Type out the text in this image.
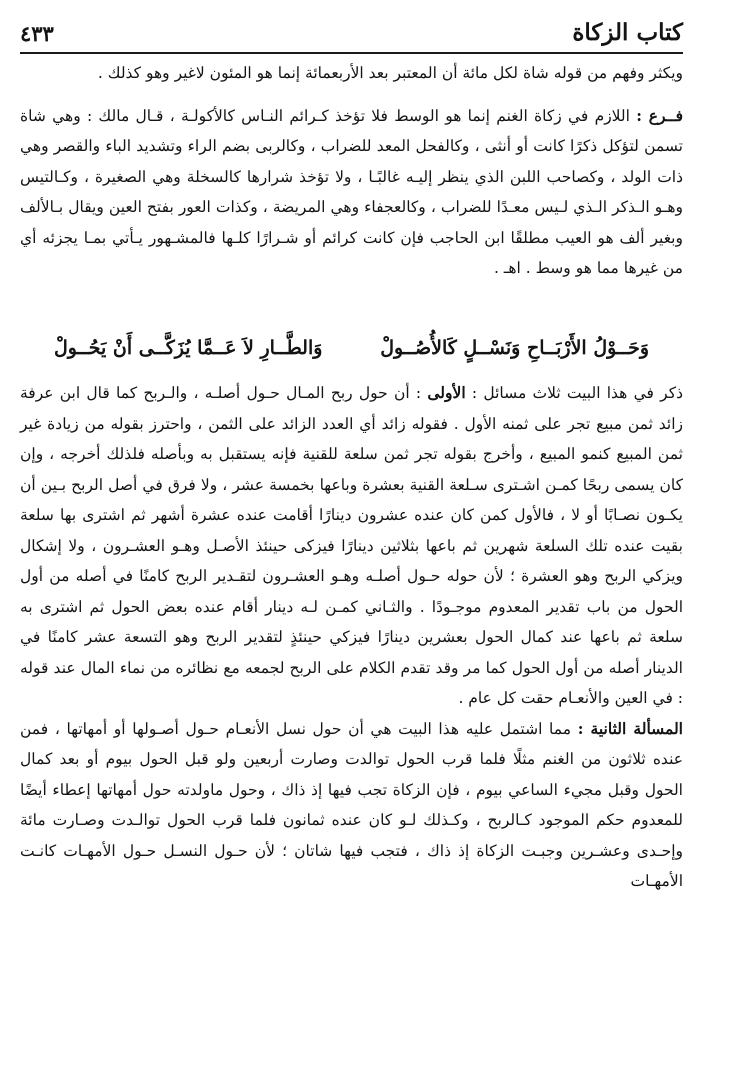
كتاب الزكاة
٤٣٣

ويكثر وفهم من قوله شاة لكل مائة أن المعتبر بعد الأربعمائة إنما هو المئون لاغير وهو كذلك .

فــرع : اللازم في زكاة الغنم إنما هو الوسط فلا تؤخذ كـرائم النـاس كالأكولـة ، قـال مالك : وهي شاة تسمن لتؤكل ذكرًا كانت أو أنثى ، وكالفحل المعد للضراب ، وكالربى بضم الراء وتشديد الباء والقصر وهي ذات الولد ، وكصاحب اللبن الذي ينظر إليـه غالبًـا ، ولا تؤخذ شرارها كالسخلة وهي الصغيرة ، وكـالتيس وهـو الـذكر الـذي لـيس معـدًا للضراب ، وكالعجفاء وهي المريضة ، وكذات العور بفتح العين ويقال بـالألف وبغير ألف هو العيب مطلقًا ابن الحاجب فإن كانت كرائم أو شـرارًا كلـها فالمشـهور يـأتي بمـا يجزئه أي من غيرها مما هو وسط . اهـ .

وَحَــوْلُ الأَرْبَــاحِ وَنَسْــلٍ كَالأُصُــولْ
وَالطَّــارِ لاَ عَــمَّا يُزَكَّــى أَنْ يَحُــولْ

ذكر في هذا البيت ثلاث مسائل : الأولى : أن حول ربح المـال حـول أصلـه ، والـربح كما قال ابن عرفة زائد ثمن مبيع تجر على ثمنه الأول . فقوله زائد أي العدد الزائد على الثمن ، واحترز بقوله من زيادة غير ثمن المبيع كنمو المبيع ، وأخرج بقوله تجر ثمن سلعة للقنية فإنه يستقبل به وبأصله فلذلك أخرجه ، وإن كان يسمى ربحًا كمـن اشـترى سـلعة القنية بعشرة وباعها بخمسة عشر ، ولا فرق في أصل الربح بـين أن يكـون نصـابًا أو لا ، فالأول كمن كان عنده عشرون دينارًا أقامت عنده عشرة أشهر ثم اشترى بها سلعة بقيت عنده تلك السلعة شهرين ثم باعها بثلاثين دينارًا فيزكى حينئذ الأصـل وهـو العشـرون ، ولا إشكال ويزكي الربح وهو العشرة ؛ لأن حوله حـول أصلـه وهـو العشـرون لتقـدير الربح كامنًا في أصله من أول الحول من باب تقدير المعدوم موجـودًا . والثـاني كمـن لـه دينار أقام عنده بعض الحول ثم اشترى به سلعة ثم باعها عند كمال الحول بعشرين دينارًا فيزكي حينئذٍ لتقدير الربح وهو التسعة عشر كامنًا في الدينار أصله من أول الحول كما مر وقد تقدم الكلام على الربح لجمعه مع نظائره من نماء المال عند قوله : في العين والأنعـام حقت كل عام .

المسألة الثانية : مما اشتمل عليه هذا البيت هي أن حول نسل الأنعـام حـول أصـولها أو أمهاتها ، فمن عنده ثلاثون من الغنم مثلًا فلما قرب الحول توالدت وصارت أربعين ولو قبل الحول بيوم أو بعد كمال الحول وقبل مجيء الساعي بيوم ، فإن الزكاة تجب فيها إذ ذاك ، وحول ماولدته حول أمهاتها إعطاء أيضًا للمعدوم حكم الموجود كـالربح ، وكـذلك لـو كان عنده ثمانون فلما قرب الحول توالـدت وصـارت مائة وإحـدى وعشـرين وجبـت الزكاة إذ ذاك ، فتجب فيها شاتان ؛ لأن حـول النسـل حـول الأمهـات كانـت الأمهـات
